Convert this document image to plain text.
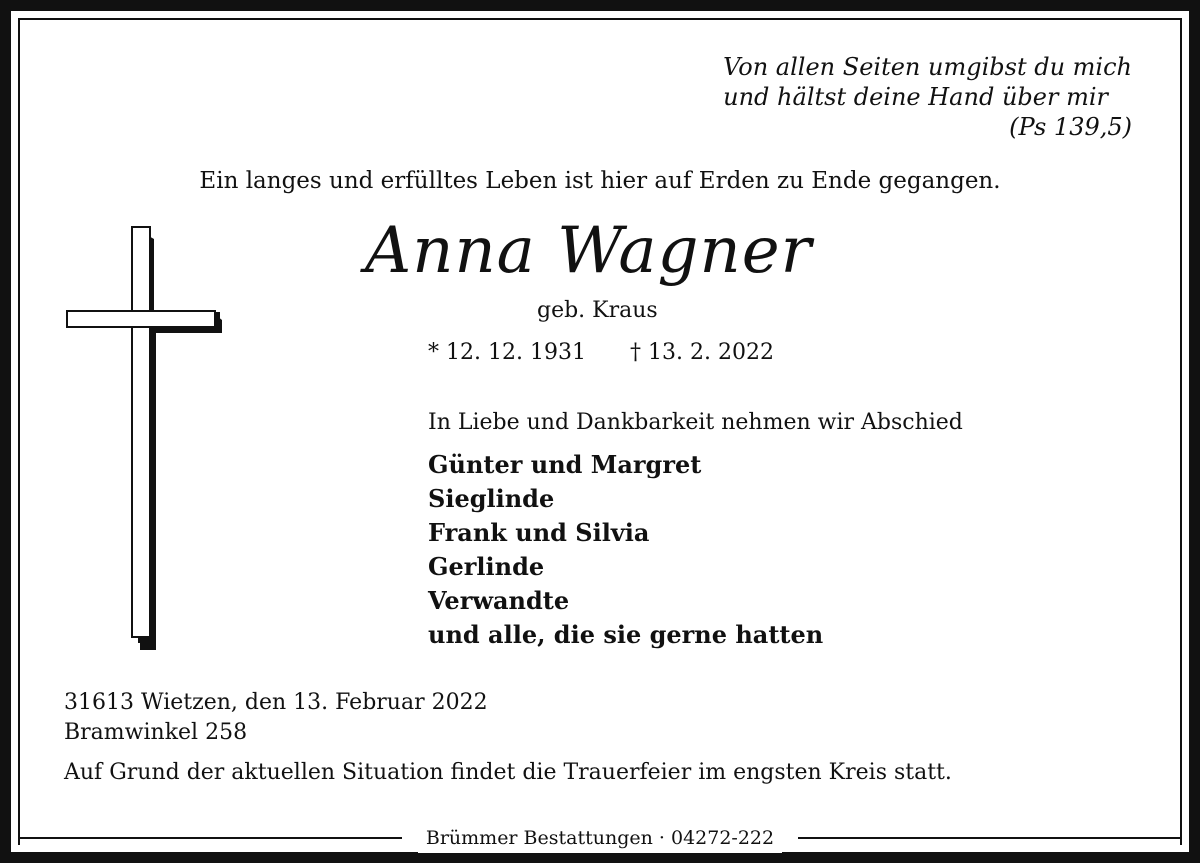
Von allen Seiten umgibst du mich
und hältst deine Hand über mir
(Ps 139,5)
Ein langes und erfülltes Leben ist hier auf Erden zu Ende gegangen.
Anna Wagner
geb. Kraus
* 12. 12. 1931 † 13. 2. 2022
In Liebe und Dankbarkeit nehmen wir Abschied
Günter und Margret
Sieglinde
Frank und Silvia
Gerlinde
Verwandte
und alle, die sie gerne hatten
31613 Wietzen, den 13. Februar 2022
Bramwinkel 258
Auf Grund der aktuellen Situation findet die Trauerfeier im engsten Kreis statt.
Brümmer Bestattungen · 04272-222
